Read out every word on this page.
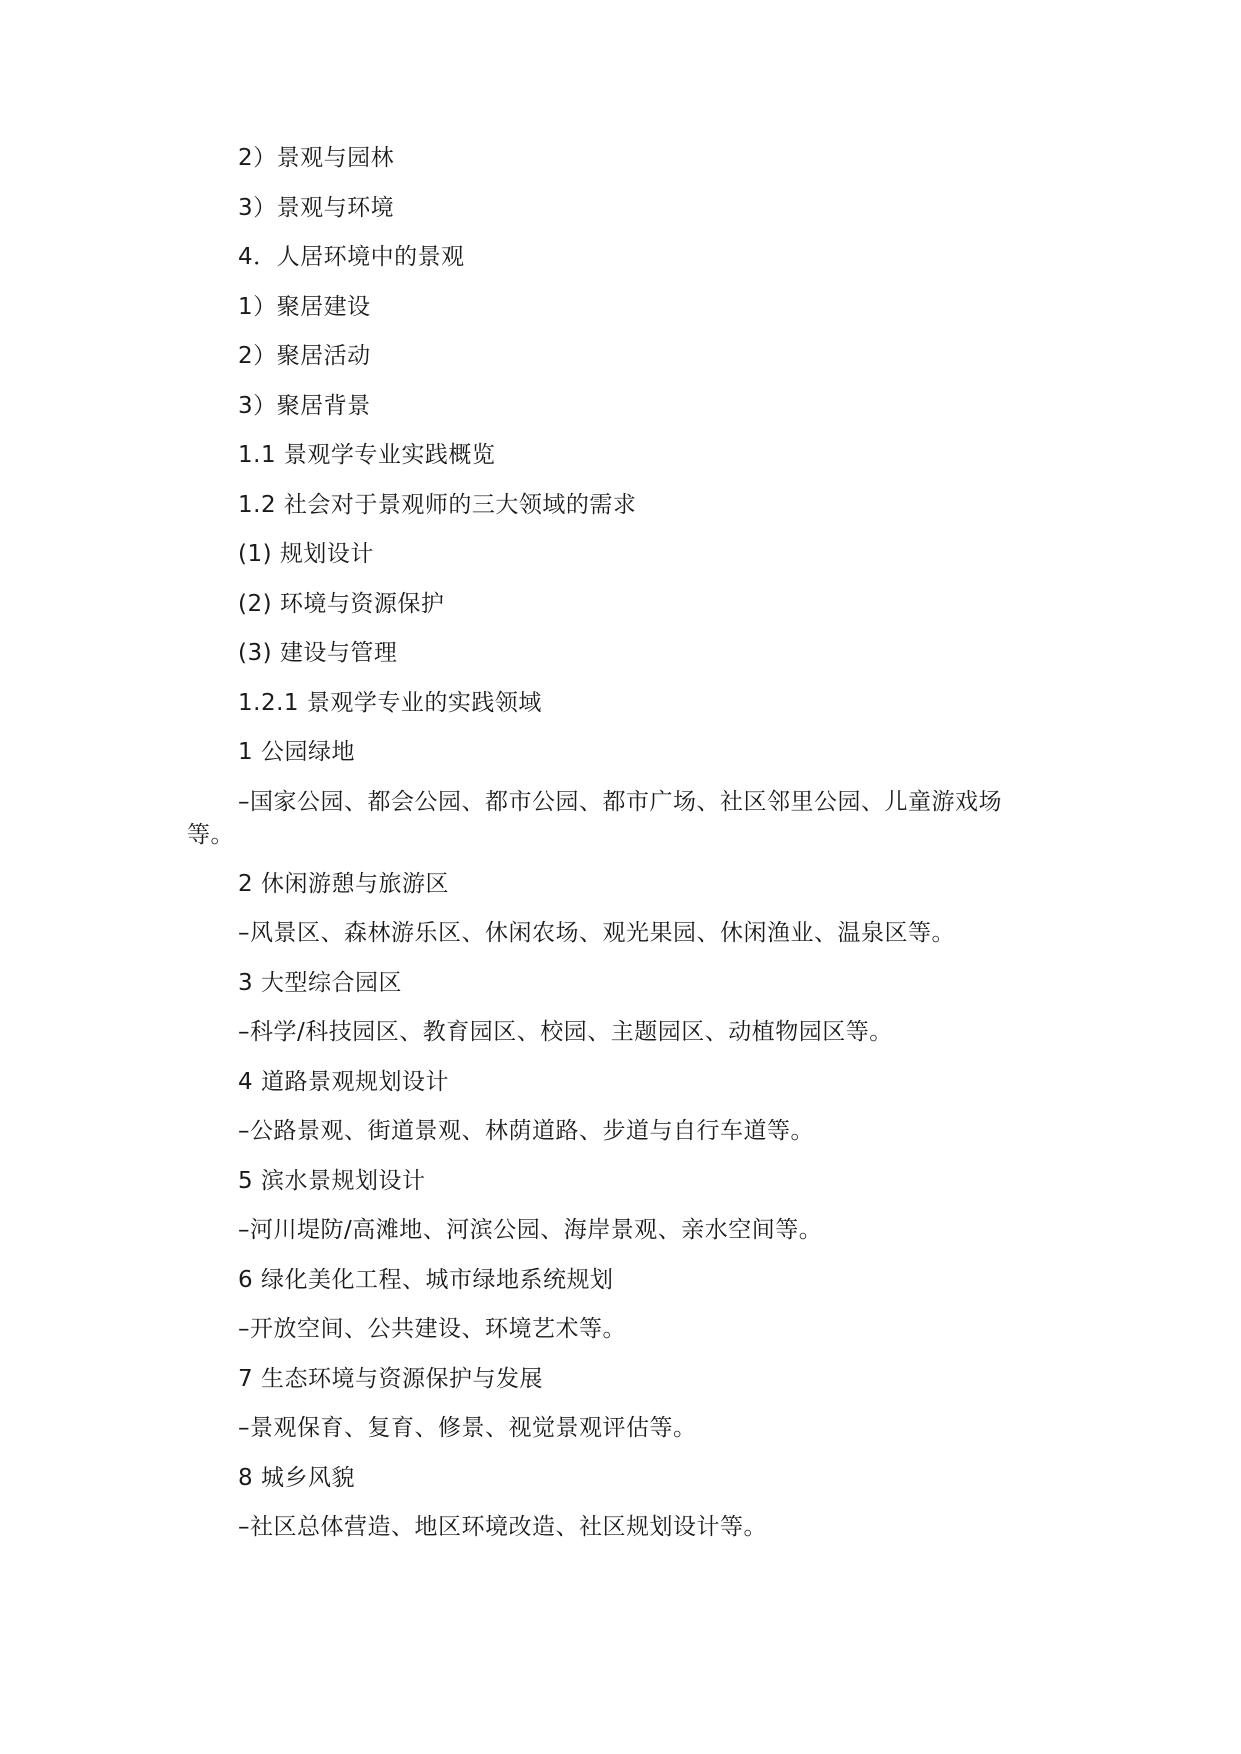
2）景观与园林
3）景观与环境
4．人居环境中的景观
1）聚居建设
2）聚居活动
3）聚居背景
1.1 景观学专业实践概览
1.2 社会对于景观师的三大领域的需求
(1) 规划设计
(2) 环境与资源保护
(3) 建设与管理
1.2.1 景观学专业的实践领域
1 公园绿地
–国家公园、都会公园、都市公园、都市广场、社区邻里公园、儿童游戏场
等。
2 休闲游憩与旅游区
–风景区、森林游乐区、休闲农场、观光果园、休闲渔业、温泉区等。
3 大型综合园区
–科学/科技园区、教育园区、校园、主题园区、动植物园区等。
4 道路景观规划设计
–公路景观、街道景观、林荫道路、步道与自行车道等。
5 滨水景规划设计
–河川堤防/高滩地、河滨公园、海岸景观、亲水空间等。
6 绿化美化工程、城市绿地系统规划
–开放空间、公共建设、环境艺术等。
7 生态环境与资源保护与发展
–景观保育、复育、修景、视觉景观评估等。
8 城乡风貌
–社区总体营造、地区环境改造、社区规划设计等。
